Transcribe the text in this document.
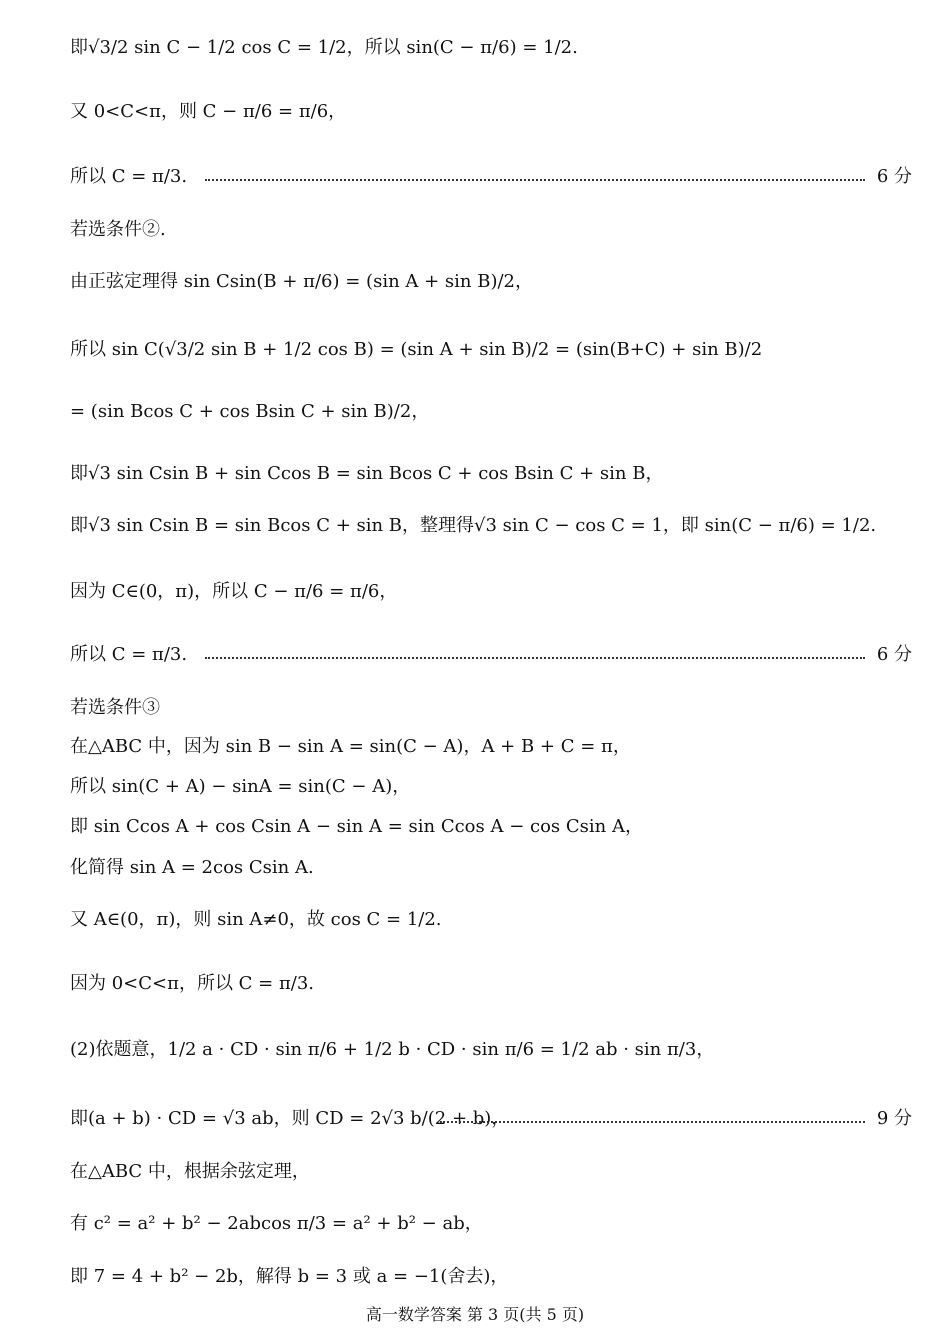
即√3/2 sin C − 1/2 cos C = 1/2，所以 sin(C − π/6) = 1/2.
又 0<C<π，则 C − π/6 = π/6，
所以 C = π/3.	6 分
若选条件②.
由正弦定理得 sin Csin(B + π/6) = (sin A + sin B)/2，
所以 sin C(√3/2 sin B + 1/2 cos B) = (sin A + sin B)/2 = (sin(B+C) + sin B)/2
= (sin Bcos C + cos Bsin C + sin B)/2，
即√3 sin Csin B + sin Ccos B = sin Bcos C + cos Bsin C + sin B，
即√3 sin Csin B = sin Bcos C + sin B，整理得√3 sin C − cos C = 1，即 sin(C − π/6) = 1/2.
因为 C∈(0，π)，所以 C − π/6 = π/6，
所以 C = π/3.	6 分
若选条件③
在△ABC 中，因为 sin B − sin A = sin(C − A)，A + B + C = π，
所以 sin(C + A) − sinA = sin(C − A)，
即 sin Ccos A + cos Csin A − sin A = sin Ccos A − cos Csin A，
化简得 sin A = 2cos Csin A.
又 A∈(0，π)，则 sin A≠0，故 cos C = 1/2.
因为 0<C<π，所以 C = π/3.
(2)依题意，1/2 a · CD · sin π/6 + 1/2 b · CD · sin π/6 = 1/2 ab · sin π/3，
即(a + b) · CD = √3 ab，则 CD = 2√3 b/(2 + b)，	9 分
在△ABC 中，根据余弦定理，
有 c² = a² + b² − 2abcos π/3 = a² + b² − ab，
即 7 = 4 + b² − 2b，解得 b = 3 或 a = −1(舍去)，
高一数学答案 第 3 页(共 5 页)
